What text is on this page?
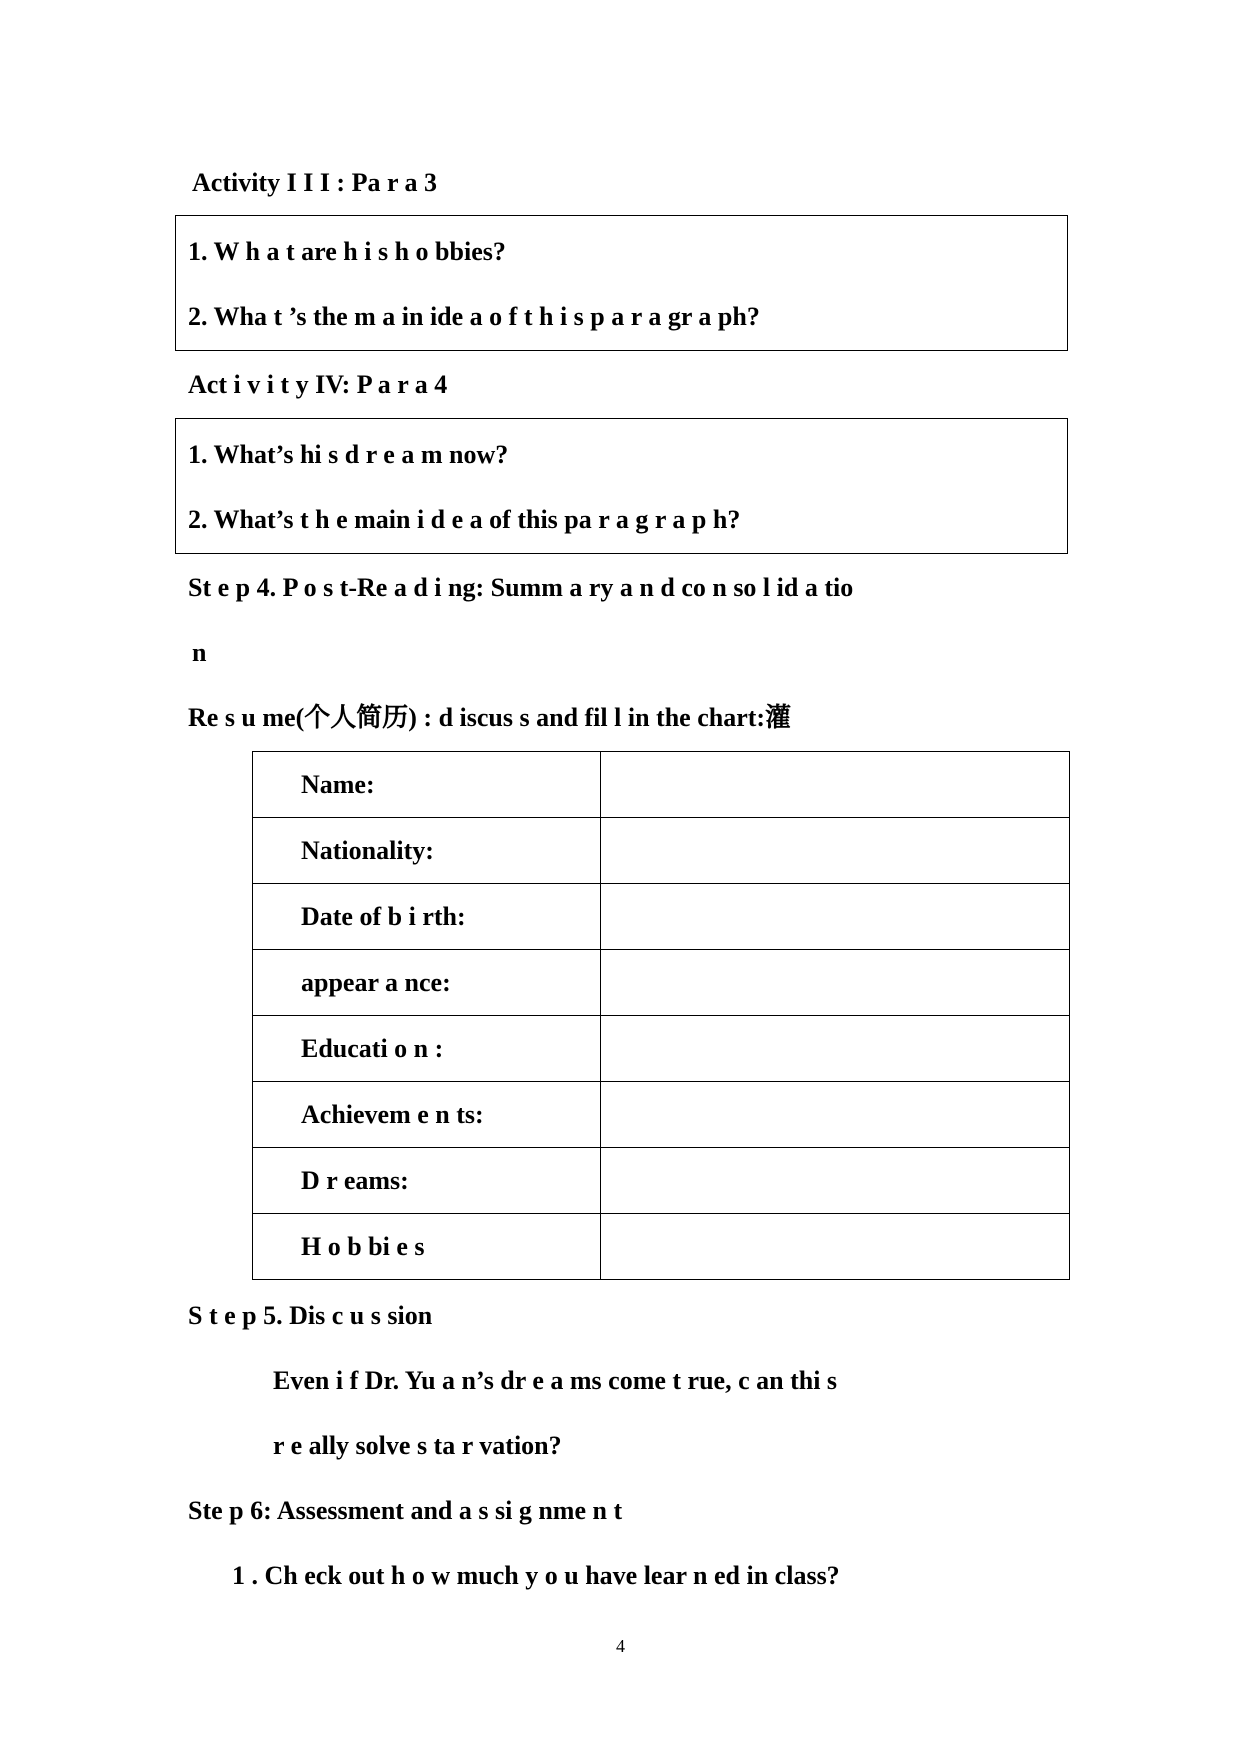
Activity I I I : Pa r a 3
1. W h a t are h i s h o bbies?
2. Wha t ’s the m a in ide a o f t h i s p a r a gr a ph?
Act i v i t y IV: P a r a 4
1. What’s hi s d r e a m now?
2. What’s t h e main i d e a of this pa r a g r a p h?
St e p 4. P o s t-Re a d i ng: Summ a ry a n d co n so l id a tio
n
Re s u me(个人简历) : d iscus s and fil l in the chart:灌
Name:	
Nationality:	
Date of b i rth:	
appear a nce:	
Educati o n :	
Achievem e n ts:	
D r eams:	
H o b bi e s	
S t e p 5. Dis c u s sion
Even i f Dr. Yu a n’s dr e a ms come t rue, c an thi s
r e ally solve s ta r vation?
Ste p 6: Assessment and a s si g nme n t
1 . Ch eck out h o w much y o u have lear n ed in class?
4
